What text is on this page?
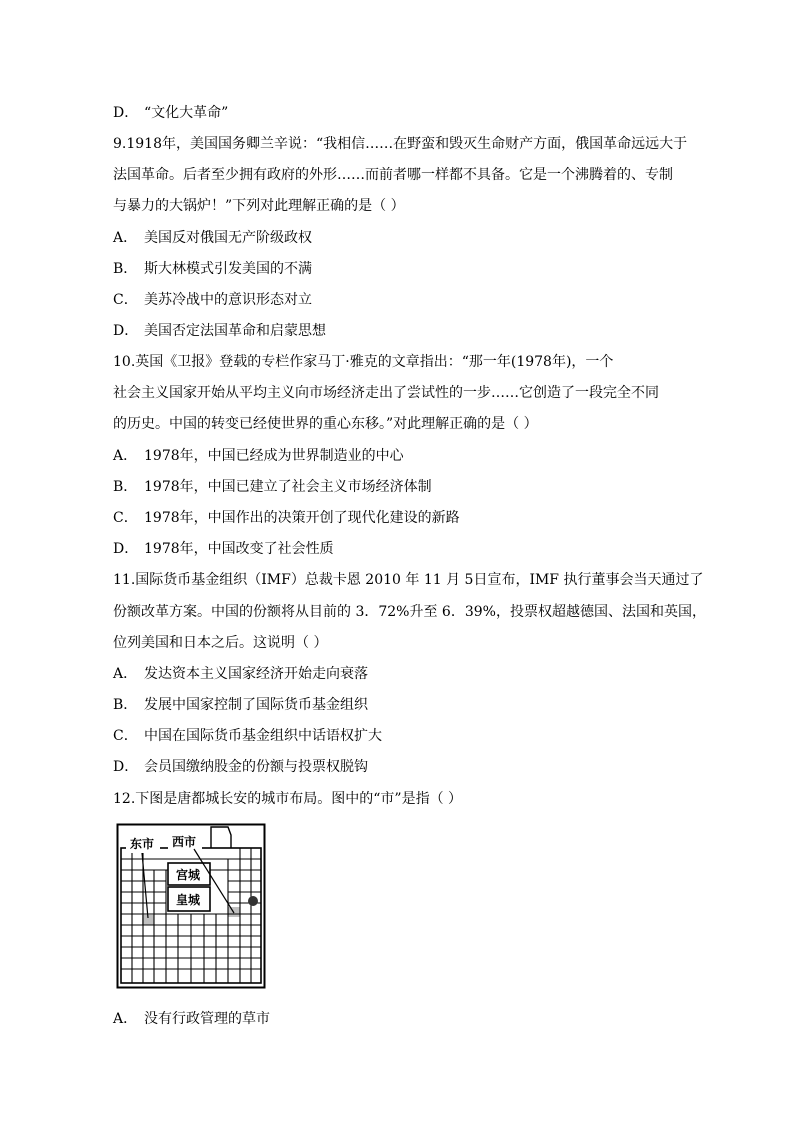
D． “文化大革命”
9.1918年，美国国务卿兰辛说：“我相信……在野蛮和毁灭生命财产方面，俄国革命远远大于
法国革命。后者至少拥有政府的外形……而前者哪一样都不具备。它是一个沸腾着的、专制
与暴力的大锅炉！”下列对此理解正确的是（ ）
A． 美国反对俄国无产阶级政权
B． 斯大林模式引发美国的不满
C． 美苏冷战中的意识形态对立
D． 美国否定法国革命和启蒙思想
10.英国《卫报》登载的专栏作家马丁·雅克的文章指出：“那一年(1978年)，一个
社会主义国家开始从平均主义向市场经济走出了尝试性的一步……它创造了一段完全不同
的历史。中国的转变已经使世界的重心东移。”对此理解正确的是（ ）
A． 1978年，中国已经成为世界制造业的中心
B． 1978年，中国已建立了社会主义市场经济体制
C． 1978年，中国作出的决策开创了现代化建设的新路
D． 1978年，中国改变了社会性质
11.国际货币基金组织（IMF）总裁卡恩 2010 年 11 月 5日宣布，IMF 执行董事会当天通过了
份额改革方案。中国的份额将从目前的 3．72%升至 6．39%，投票权超越德国、法国和英国，
位列美国和日本之后。这说明（ ）
A． 发达资本主义国家经济开始走向衰落
B． 发展中国家控制了国际货币基金组织
C． 中国在国际货币基金组织中话语权扩大
D． 会员国缴纳股金的份额与投票权脱钩
12.下图是唐都城长安的城市布局。图中的“市”是指（ ）
东市 西市
宫城
皇城
A． 没有行政管理的草市
